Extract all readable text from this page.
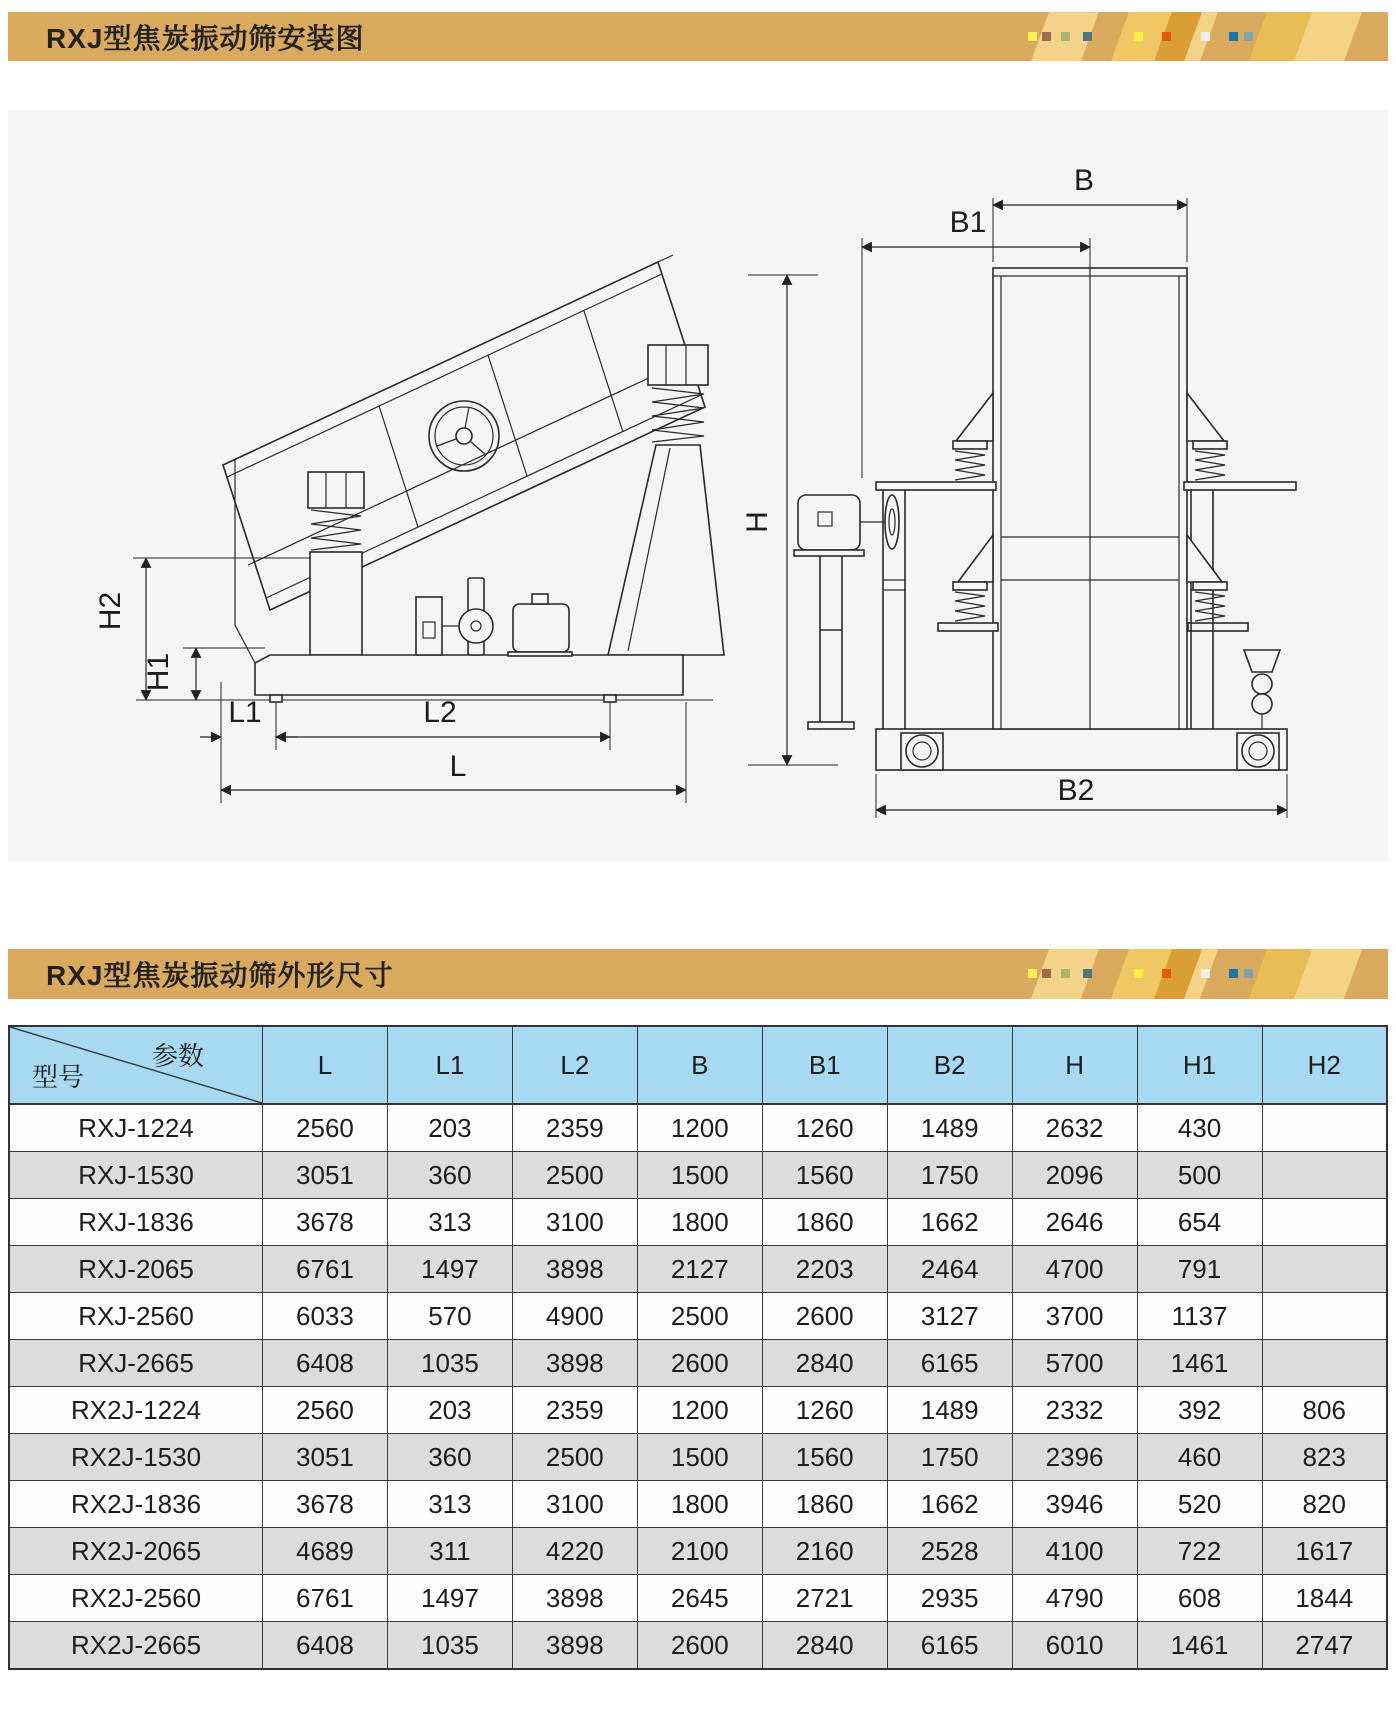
RXJ型焦炭振动筛安装图
H2
H1
L1	L2
L
H
B
B1
B2
RXJ型焦炭振动筛外形尺寸
参数
型号	L	L1	L2	B	B1	B2	H	H1	H2
RXJ-1224	2560	203	2359	1200	1260	1489	2632	430	
RXJ-1530	3051	360	2500	1500	1560	1750	2096	500	
RXJ-1836	3678	313	3100	1800	1860	1662	2646	654	
RXJ-2065	6761	1497	3898	2127	2203	2464	4700	791	
RXJ-2560	6033	570	4900	2500	2600	3127	3700	1137	
RXJ-2665	6408	1035	3898	2600	2840	6165	5700	1461	
RX2J-1224	2560	203	2359	1200	1260	1489	2332	392	806
RX2J-1530	3051	360	2500	1500	1560	1750	2396	460	823
RX2J-1836	3678	313	3100	1800	1860	1662	3946	520	820
RX2J-2065	4689	311	4220	2100	2160	2528	4100	722	1617
RX2J-2560	6761	1497	3898	2645	2721	2935	4790	608	1844
RX2J-2665	6408	1035	3898	2600	2840	6165	6010	1461	2747
